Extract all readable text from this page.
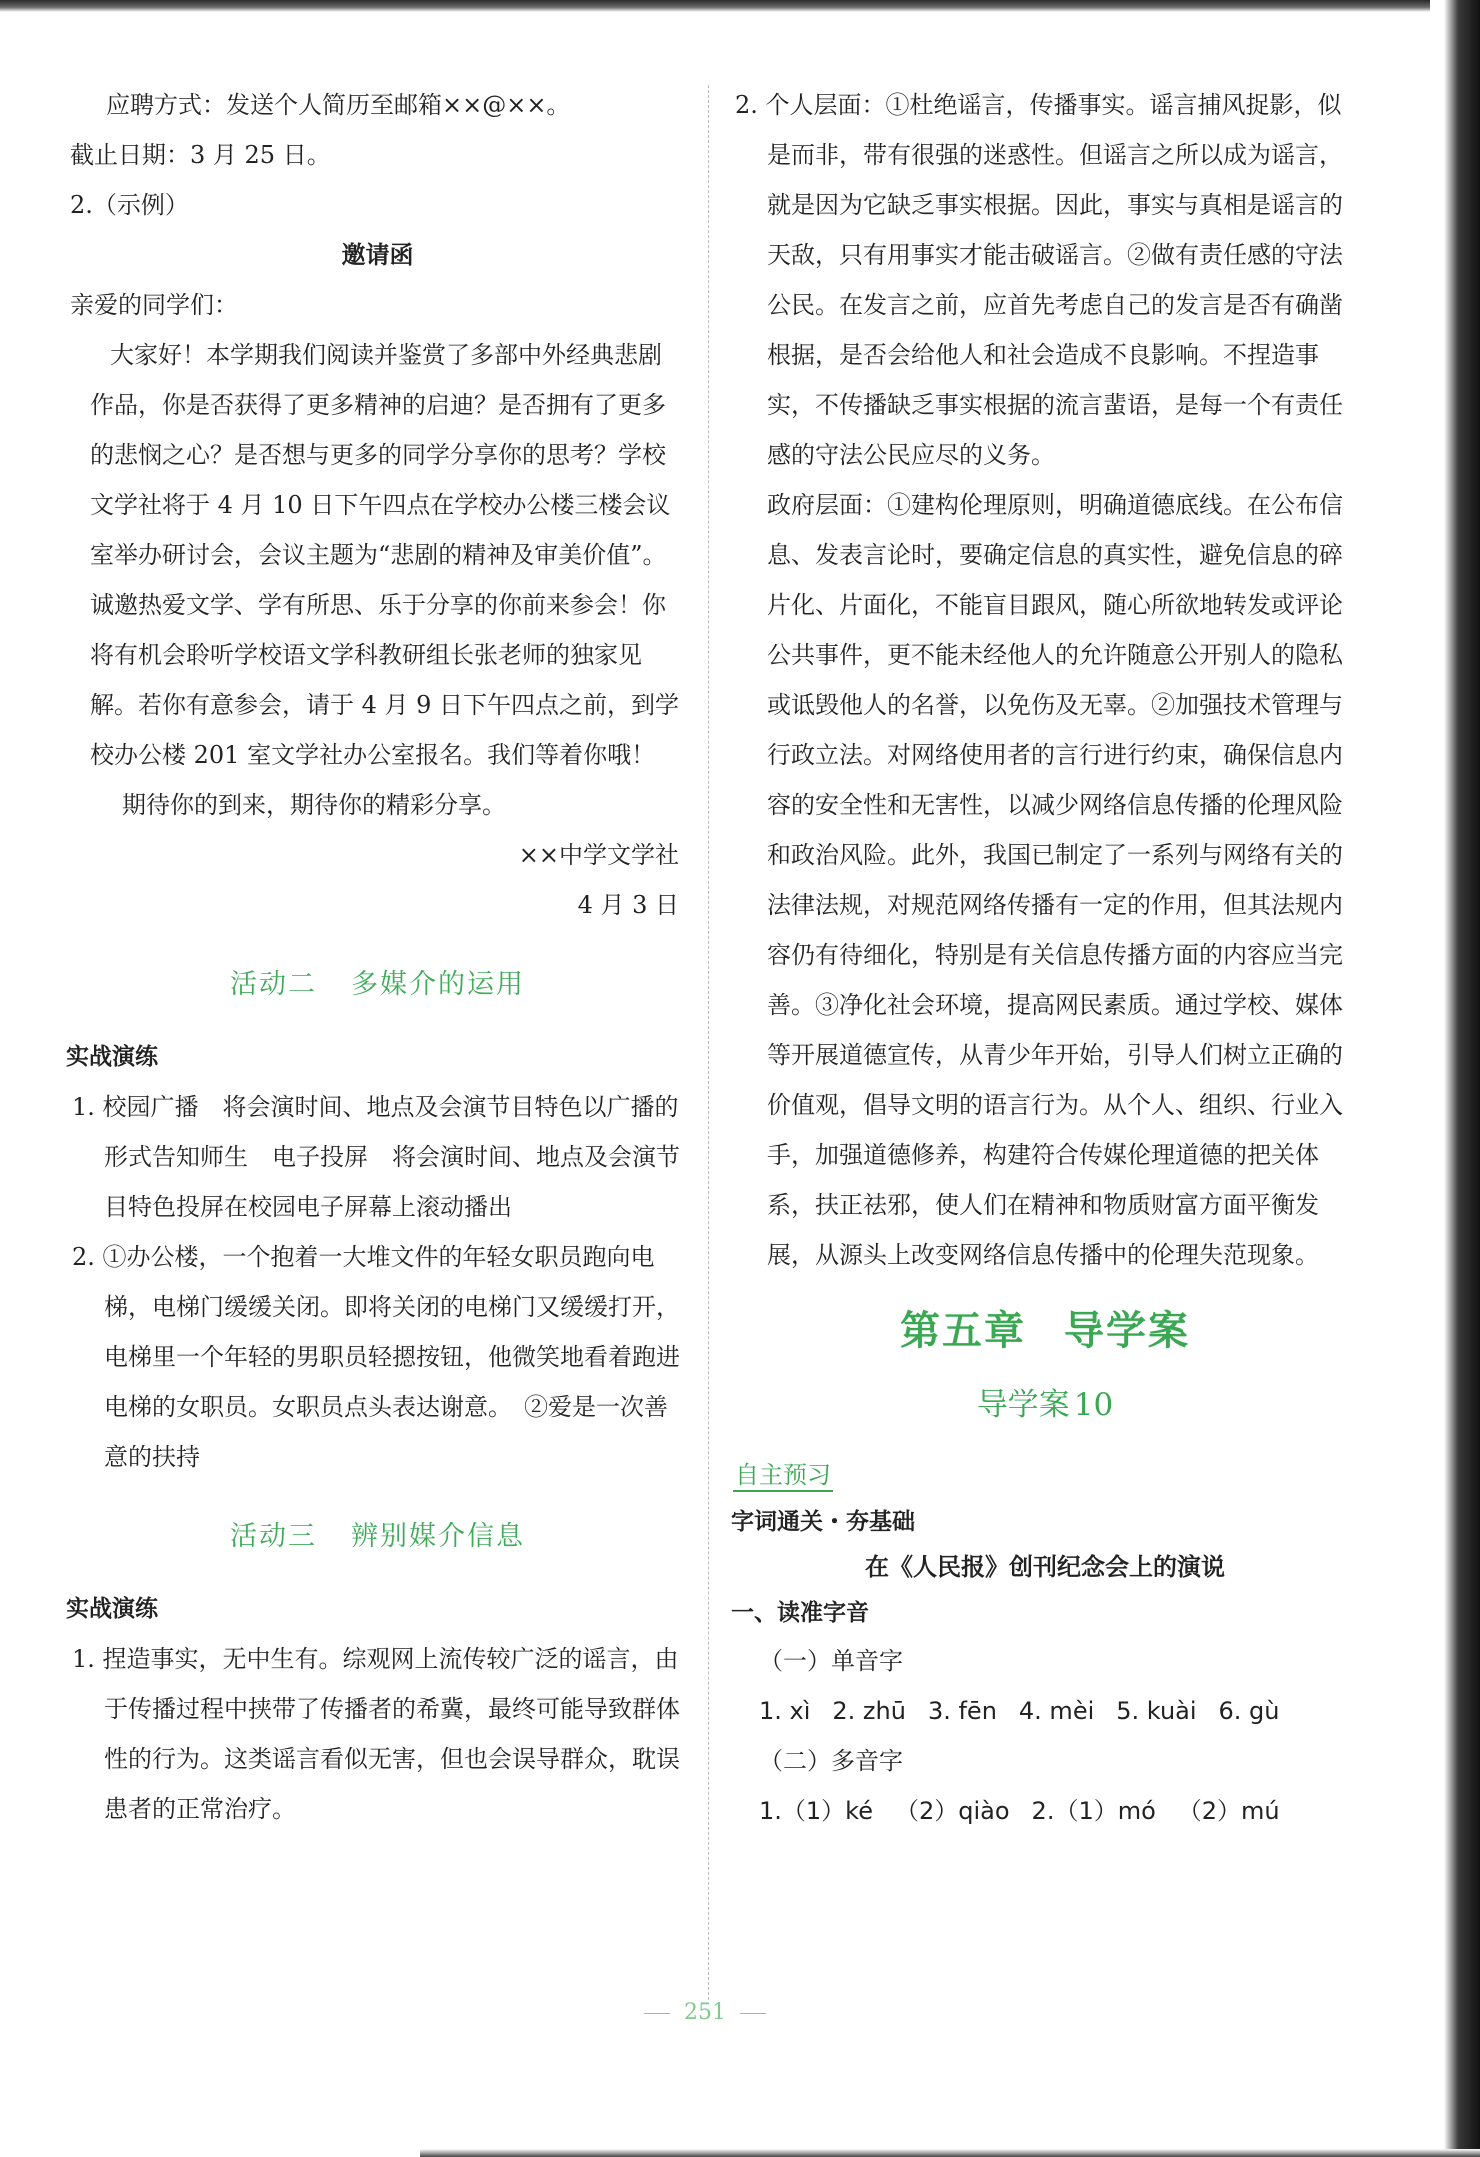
应聘方式：发送个人简历至邮箱××@××。

截止日期：3 月 25 日。

2.（示例）

邀请函

亲爱的同学们：

大家好！本学期我们阅读并鉴赏了多部中外经典悲剧作品，你是否获得了更多精神的启迪？是否拥有了更多的悲悯之心？是否想与更多的同学分享你的思考？学校文学社将于 4 月 10 日下午四点在学校办公楼三楼会议室举办研讨会，会议主题为“悲剧的精神及审美价值”。诚邀热爱文学、学有所思、乐于分享的你前来参会！你将有机会聆听学校语文学科教研组长张老师的独家见解。若你有意参会，请于 4 月 9 日下午四点之前，到学校办公楼 201 室文学社办公室报名。我们等着你哦！

期待你的到来，期待你的精彩分享。

××中学文学社

4 月 3 日

活动二 多媒介的运用

实战演练

1. 校园广播　将会演时间、地点及会演节目特色以广播的形式告知师生　电子投屏　将会演时间、地点及会演节目特色投屏在校园电子屏幕上滚动播出

2. ①办公楼，一个抱着一大堆文件的年轻女职员跑向电梯，电梯门缓缓关闭。即将关闭的电梯门又缓缓打开，电梯里一个年轻的男职员轻摁按钮，他微笑地看着跑进电梯的女职员。女职员点头表达谢意。　②爱是一次善意的扶持

活动三 辨别媒介信息

实战演练

1. 捏造事实，无中生有。综观网上流传较广泛的谣言，由于传播过程中挟带了传播者的希冀，最终可能导致群体性的行为。这类谣言看似无害，但也会误导群众，耽误患者的正常治疗。

2. 个人层面：①杜绝谣言，传播事实。谣言捕风捉影，似是而非，带有很强的迷惑性。但谣言之所以成为谣言，就是因为它缺乏事实根据。因此，事实与真相是谣言的天敌，只有用事实才能击破谣言。②做有责任感的守法公民。在发言之前，应首先考虑自己的发言是否有确凿根据，是否会给他人和社会造成不良影响。不捏造事实，不传播缺乏事实根据的流言蜚语，是每一个有责任感的守法公民应尽的义务。

政府层面：①建构伦理原则，明确道德底线。在公布信息、发表言论时，要确定信息的真实性，避免信息的碎片化、片面化，不能盲目跟风，随心所欲地转发或评论公共事件，更不能未经他人的允许随意公开别人的隐私或诋毁他人的名誉，以免伤及无辜。②加强技术管理与行政立法。对网络使用者的言行进行约束，确保信息内容的安全性和无害性，以减少网络信息传播的伦理风险和政治风险。此外，我国已制定了一系列与网络有关的法律法规，对规范网络传播有一定的作用，但其法规内容仍有待细化，特别是有关信息传播方面的内容应当完善。③净化社会环境，提高网民素质。通过学校、媒体等开展道德宣传，从青少年开始，引导人们树立正确的价值观，倡导文明的语言行为。从个人、组织、行业入手，加强道德修养，构建符合传媒伦理道德的把关体系，扶正祛邪，使人们在精神和物质财富方面平衡发展，从源头上改变网络信息传播中的伦理失范现象。

第五章 导学案
导学案 10
自主预习

字词通关・夯基础

在《人民报》创刊纪念会上的演说

一、读准字音

（一）单音字

1. xì 2. zhū 3. fēn 4. mèi 5. kuài 6. gù

（二）多音字

1.（1）ké （2）qiào 2.（1）mó （2）mú

251
